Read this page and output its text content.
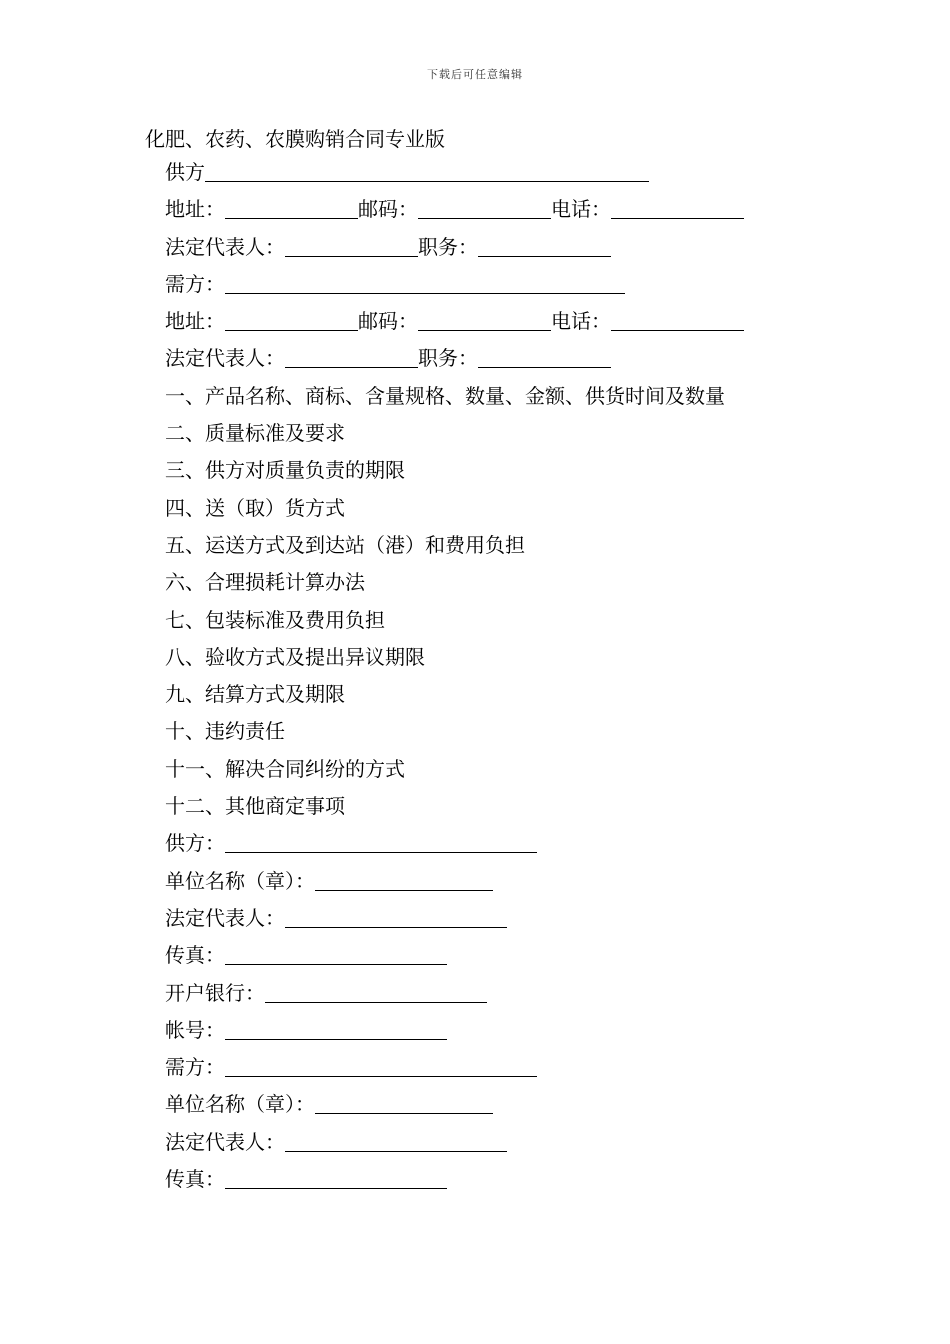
下载后可任意编辑
化肥、农药、农膜购销合同专业版
供方
地址：	邮码：	电话：
法定代表人：	职务：
需方：
地址：	邮码：	电话：
法定代表人：	职务：
一、产品名称、商标、含量规格、数量、金额、供货时间及数量
二、质量标准及要求
三、供方对质量负责的期限
四、送（取）货方式
五、运送方式及到达站（港）和费用负担
六、合理损耗计算办法
七、包装标准及费用负担
八、验收方式及提出异议期限
九、结算方式及期限
十、违约责任
十一、解决合同纠纷的方式
十二、其他商定事项
供方：
单位名称（章）：
法定代表人：
传真：
开户银行：
帐号：
需方：
单位名称（章）：
法定代表人：
传真：
